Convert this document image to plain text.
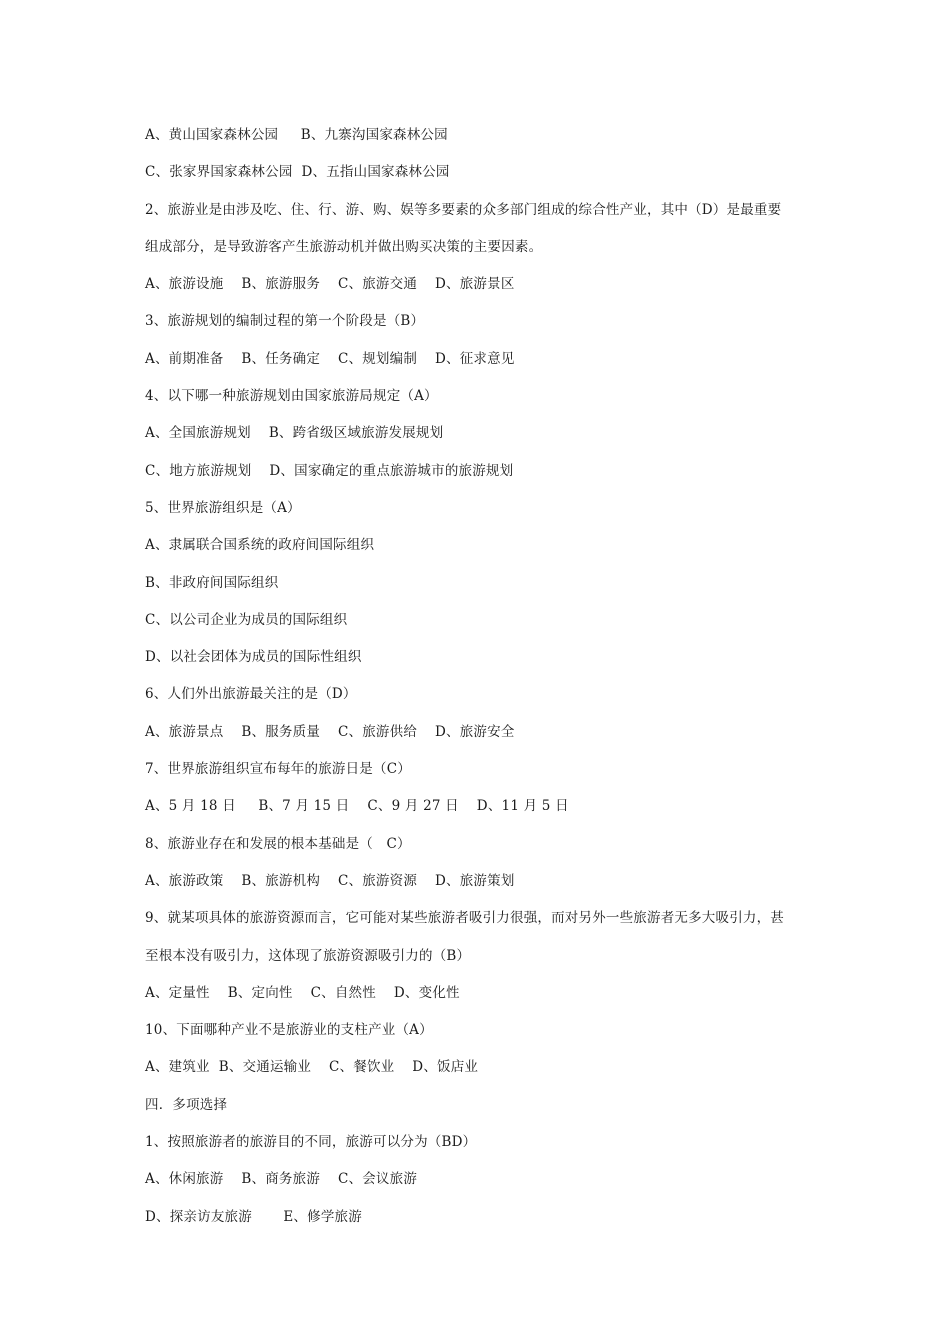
A、黄山国家森林公园     B、九寨沟国家森林公园
C、张家界国家森林公园  D、五指山国家森林公园
2、旅游业是由涉及吃、住、行、游、购、娱等多要素的众多部门组成的综合性产业，其中（D）是最重要
组成部分，是导致游客产生旅游动机并做出购买决策的主要因素。
A、旅游设施    B、旅游服务    C、旅游交通    D、旅游景区
3、旅游规划的编制过程的第一个阶段是（B）
A、前期准备    B、任务确定    C、规划编制    D、征求意见
4、以下哪一种旅游规划由国家旅游局规定（A）
A、全国旅游规划    B、跨省级区域旅游发展规划
C、地方旅游规划    D、国家确定的重点旅游城市的旅游规划
5、世界旅游组织是（A）
A、隶属联合国系统的政府间国际组织
B、非政府间国际组织
C、以公司企业为成员的国际组织
D、以社会团体为成员的国际性组织
6、人们外出旅游最关注的是（D）
A、旅游景点    B、服务质量    C、旅游供给    D、旅游安全
7、世界旅游组织宣布每年的旅游日是（C）
A、5 月 18 日     B、7 月 15 日    C、9 月 27 日    D、11 月 5 日
8、旅游业存在和发展的根本基础是（   C）
A、旅游政策    B、旅游机构    C、旅游资源    D、旅游策划
9、就某项具体的旅游资源而言，它可能对某些旅游者吸引力很强，而对另外一些旅游者无多大吸引力，甚
至根本没有吸引力，这体现了旅游资源吸引力的（B）
A、定量性    B、定向性    C、自然性    D、变化性
10、下面哪种产业不是旅游业的支柱产业（A）
A、建筑业  B、交通运输业    C、餐饮业    D、饭店业
四．多项选择
1、按照旅游者的旅游目的不同，旅游可以分为（BD）
A、休闲旅游    B、商务旅游    C、会议旅游
D、探亲访友旅游       E、修学旅游
